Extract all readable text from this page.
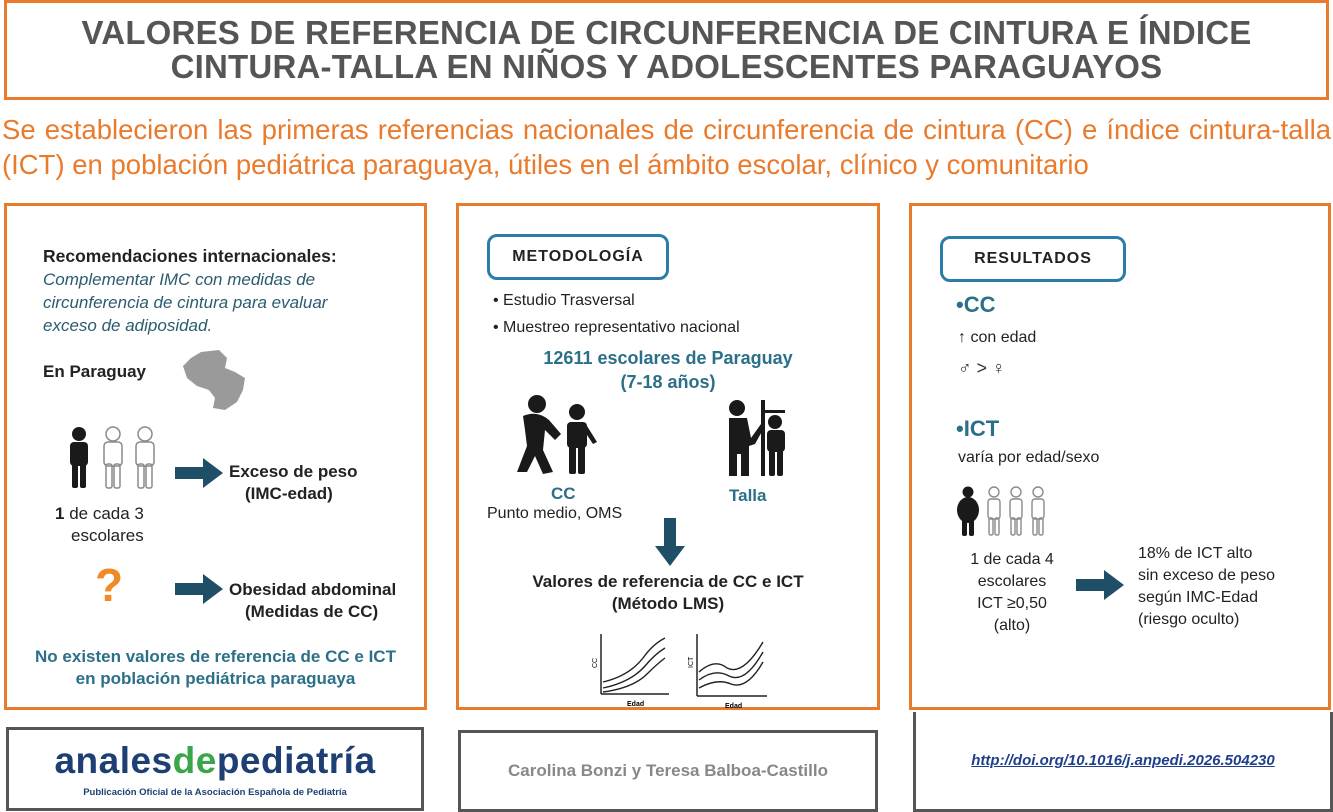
VALORES DE REFERENCIA DE CIRCUNFERENCIA DE CINTURA E ÍNDICE
CINTURA-TALLA EN NIÑOS Y ADOLESCENTES PARAGUAYOS
Se establecieron las primeras referencias nacionales de circunferencia de cintura (CC) e índice cintura-talla (ICT) en población pediátrica paraguaya, útiles en el ámbito escolar, clínico y comunitario
Recomendaciones internacionales:
Complementar IMC con medidas de
circunferencia de cintura para evaluar
exceso de adiposidad.
En Paraguay
Exceso de peso
(IMC-edad)
1 de cada 3
escolares
?	Obesidad abdominal
(Medidas de CC)
No existen valores de referencia de CC e ICT
en población pediátrica paraguaya
METODOLOGÍA
• Estudio Trasversal
• Muestreo representativo nacional
12611 escolares de Paraguay
(7-18 años)
CC
Punto medio, OMS
Talla
Valores de referencia de CC e ICT
(Método LMS)
CC
Edad
ICT
Edad
RESULTADOS
•CC
↑ con edad
♂ > ♀
•ICT
varía por edad/sexo
1 de cada 4
escolares
ICT ≥0,50
(alto)
18% de ICT alto
sin exceso de peso
según IMC-Edad
(riesgo oculto)
analesdepediatría
Publicación Oficial de la Asociación Española de Pediatría
Carolina Bonzi y Teresa Balboa-Castillo
http://doi.org/10.1016/j.anpedi.2026.504230
